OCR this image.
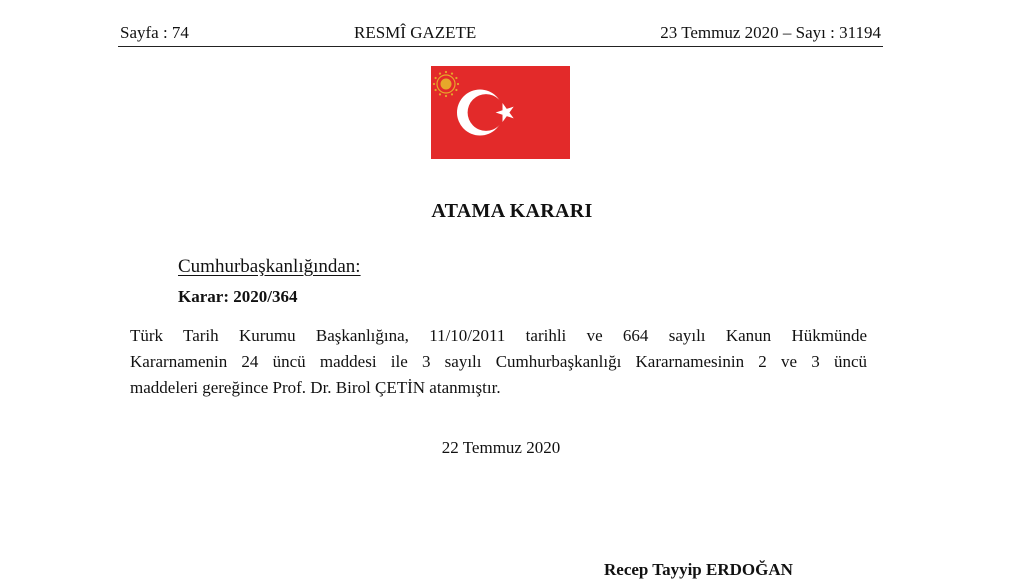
Sayfa : 74	RESMÎ GAZETE	23 Temmuz 2020 – Sayı : 31194
ATAMA KARARI
Cumhurbaşkanlığından:
Karar: 2020/364
Türk Tarih Kurumu Başkanlığına, 11/10/2011 tarihli ve 664 sayılı Kanun Hükmünde
Kararnamenin 24 üncü maddesi ile 3 sayılı Cumhurbaşkanlığı Kararnamesinin 2 ve 3 üncü
maddeleri gereğince Prof. Dr. Birol ÇETİN atanmıştır.
22 Temmuz 2020
Recep Tayyip ERDOĞAN
